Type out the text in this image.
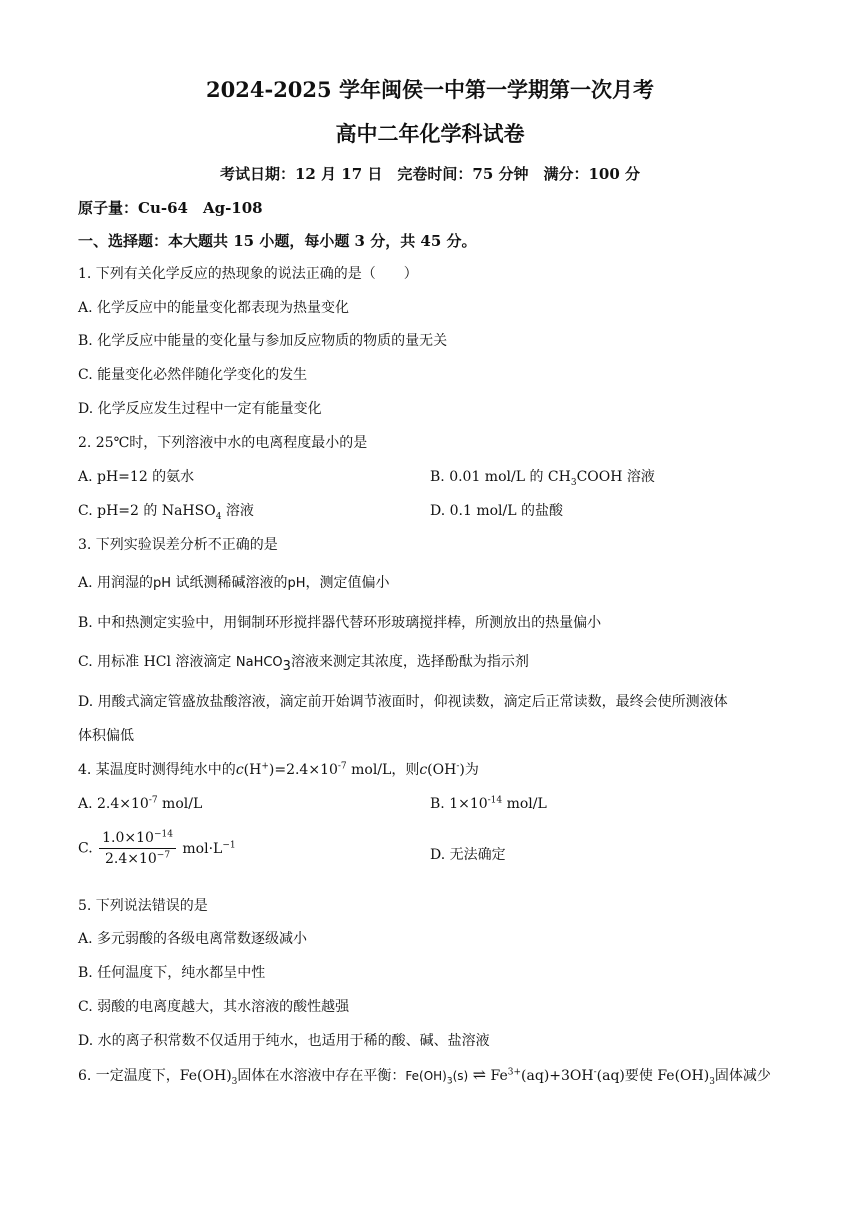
2024-2025 学年闽侯一中第一学期第一次月考
高中二年化学科试卷
考试日期：12 月 17 日　完卷时间：75 分钟　满分：100 分
原子量：Cu-64　Ag-108
一、选择题：本大题共 15 小题，每小题 3 分，共 45 分。
1. 下列有关化学反应的热现象的说法正确的是（　　）
A. 化学反应中的能量变化都表现为热量变化
B. 化学反应中能量的变化量与参加反应物质的物质的量无关
C. 能量变化必然伴随化学变化的发生
D. 化学反应发生过程中一定有能量变化
2. 25℃时，下列溶液中水的电离程度最小的是
A. pH=12 的氨水	B. 0.01 mol/L 的 $CH_3COOH$ 溶液
C. pH=2 的 NaHSO$_4$ 溶液	D. 0.1 mol/L 的盐酸
3. 下列实验误差分析不正确的是
A. 用润湿的pH 试纸测稀碱溶液的pH，测定值偏小
B. 中和热测定实验中，用铜制环形搅拌器代替环形玻璃搅拌棒，所测放出的热量偏小
C. 用标准 HCl 溶液滴定 NaHCO$_3$溶液来测定其浓度，选择酚酞为指示剂
D. 用酸式滴定管盛放盐酸溶液，滴定前开始调节液面时，仰视读数，滴定后正常读数，最终会使所测液体
体积偏低
4. 某温度时测得纯水中的$c(H^+)=2.4\times 10^{-7}$ mol/L，则c(OH-)为
A. $2.4\times 10^{-7}$ mol/L	B. $1\times 10^{-14}$ mol/L
C. $\frac{1.0\times 10^{-14}}{2.4\times 10^{-7}} mol\cdot L^{-1}$
D. 无法确定
5. 下列说法错误的是
A. 多元弱酸的各级电离常数逐级减小
B. 任何温度下，纯水都呈中性
C. 弱酸的电离度越大，其水溶液的酸性越强
D. 水的离子积常数不仅适用于纯水，也适用于稀的酸、碱、盐溶液
6. 一定温度下，$Fe(OH)_3$固体在水溶液中存在平衡：$Fe(OH)_3(s)$ ⇌ $Fe^{3+}(aq)+3OH^-(aq)$要使 $Fe(OH)_3$固体减少
